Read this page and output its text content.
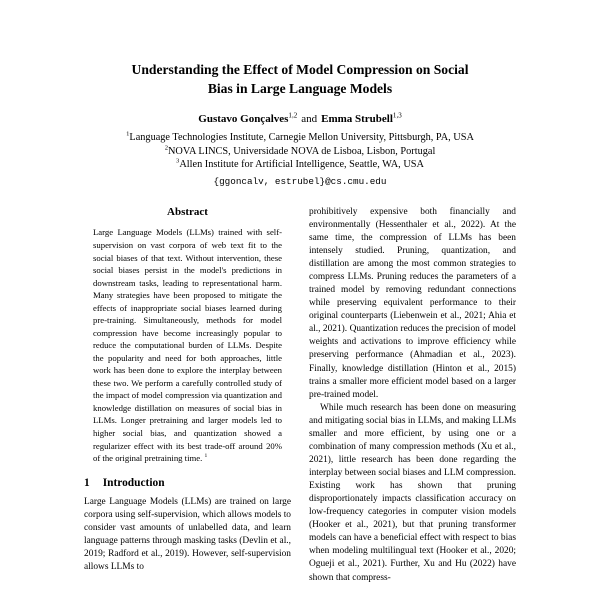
Understanding the Effect of Model Compression on Social Bias in Large Language Models
Gustavo Gonçalves$^{1,2}$ and Emma Strubell$^{1,3}$
$^1$Language Technologies Institute, Carnegie Mellon University, Pittsburgh, PA, USA
$^2$NOVA LINCS, Universidade NOVA de Lisboa, Lisbon, Portugal
$^3$Allen Institute for Artificial Intelligence, Seattle, WA, USA
{ggoncalv, estrubel}@cs.cmu.edu
Abstract

Large Language Models (LLMs) trained with self-supervision on vast corpora of web text fit to the social biases of that text. Without intervention, these social biases persist in the model's predictions in downstream tasks, leading to representational harm. Many strategies have been proposed to mitigate the effects of inappropriate social biases learned during pre-training. Simultaneously, methods for model compression have become increasingly popular to reduce the computational burden of LLMs. Despite the popularity and need for both approaches, little work has been done to explore the interplay between these two. We perform a carefully controlled study of the impact of model compression via quantization and knowledge distillation on measures of social bias in LLMs. Longer pretraining and larger models led to higher social bias, and quantization showed a regularizer effect with its best trade-off around 20% of the original pretraining time. $^1$

1 Introduction

Large Language Models (LLMs) are trained on large corpora using self-supervision, which allows models to consider vast amounts of unlabelled data, and learn language patterns through masking tasks (Devlin et al., 2019; Radford et al., 2019). However, self-supervision allows LLMs to

prohibitively expensive both financially and environmentally (Hessenthaler et al., 2022). At the same time, the compression of LLMs has been intensely studied. Pruning, quantization, and distillation are among the most common strategies to compress LLMs. Pruning reduces the parameters of a trained model by removing redundant connections while preserving equivalent performance to their original counterparts (Liebenwein et al., 2021; Ahia et al., 2021). Quantization reduces the precision of model weights and activations to improve efficiency while preserving performance (Ahmadian et al., 2023). Finally, knowledge distillation (Hinton et al., 2015) trains a smaller more efficient model based on a larger pre-trained model.

While much research has been done on measuring and mitigating social bias in LLMs, and making LLMs smaller and more efficient, by using one or a combination of many compression methods (Xu et al., 2021), little research has been done regarding the interplay between social biases and LLM compression. Existing work has shown that pruning disproportionately impacts classification accuracy on low-frequency categories in computer vision models (Hooker et al., 2021), but that pruning transformer models can have a beneficial effect with respect to bias when modeling multilingual text (Hooker et al., 2020; Ogueji et al., 2021). Further, Xu and Hu (2022) have shown that compress-
